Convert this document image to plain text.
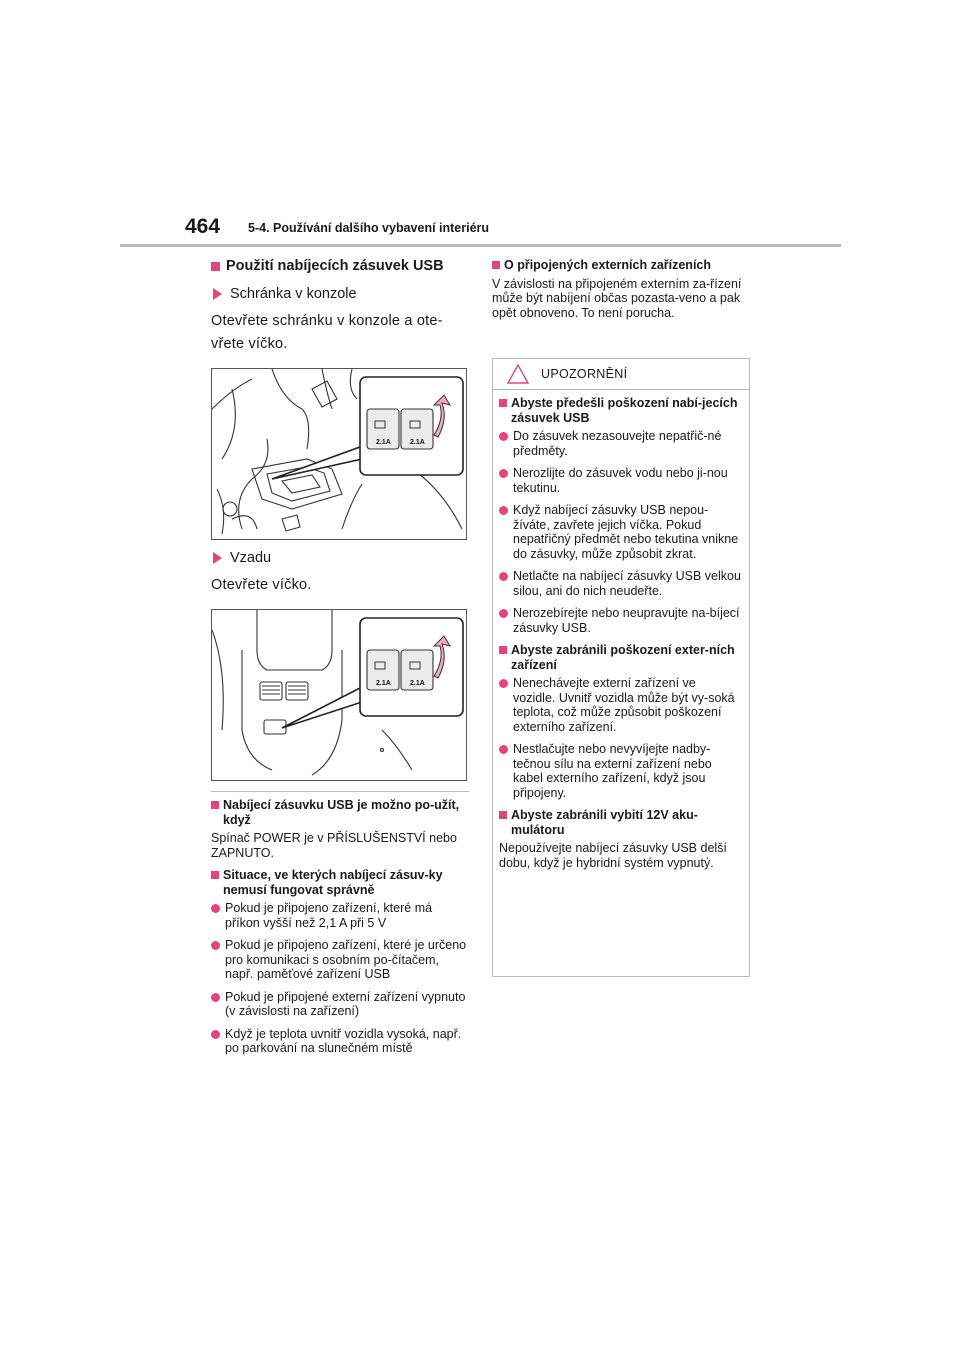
464 5-4. Používání dalšího vybavení interiéru
Použití nabíjecích zásuvek USB
Schránka v konzole
Otevřete schránku v konzole a ote-vřete víčko.
2.1A	2.1A
Vzadu
Otevřete víčko.
2.1A	2.1A
Nabíjecí zásuvku USB je možno po-užít, když
Spínač POWER je v PŘÍSLUŠENSTVÍ nebo ZAPNUTO.
Situace, ve kterých nabíjecí zásuv-ky nemusí fungovat správně
Pokud je připojeno zařízení, které má příkon vyšší než 2,1 A při 5 V
Pokud je připojeno zařízení, které je určeno pro komunikaci s osobním po-čítačem, např. paměťové zařízení USB
Pokud je připojené externí zařízení vypnuto (v závislosti na zařízení)
Když je teplota uvnitř vozidla vysoká, např. po parkování na slunečném místě
O připojených externích zařízeních
V závislosti na připojeném externím za-řízení může být nabíjení občas pozasta-veno a pak opět obnoveno. To není porucha.
UPOZORNĚNÍ
Abyste předešli poškození nabí-jecích zásuvek USB
Do zásuvek nezasouvejte nepatřič-né předměty.
Nerozlijte do zásuvek vodu nebo ji-nou tekutinu.
Když nabíjecí zásuvky USB nepou-žíváte, zavřete jejich víčka. Pokud nepatřičný předmět nebo tekutina vnikne do zásuvky, může způsobit zkrat.
Netlačte na nabíjecí zásuvky USB velkou silou, ani do nich neudeřte.
Nerozebírejte nebo neupravujte na-bíjecí zásuvky USB.
Abyste zabránili poškození exter-ních zařízení
Nenechávejte externí zařízení ve vozidle. Uvnitř vozidla může být vy-soká teplota, což může způsobit poškození externího zařízení.
Nestlačujte nebo nevyvíjejte nadby-tečnou sílu na externí zařízení nebo kabel externího zařízení, když jsou připojeny.
Abyste zabránili vybití 12V aku-mulátoru
Nepoužívejte nabíjecí zásuvky USB delší dobu, když je hybridní systém vypnutý.
